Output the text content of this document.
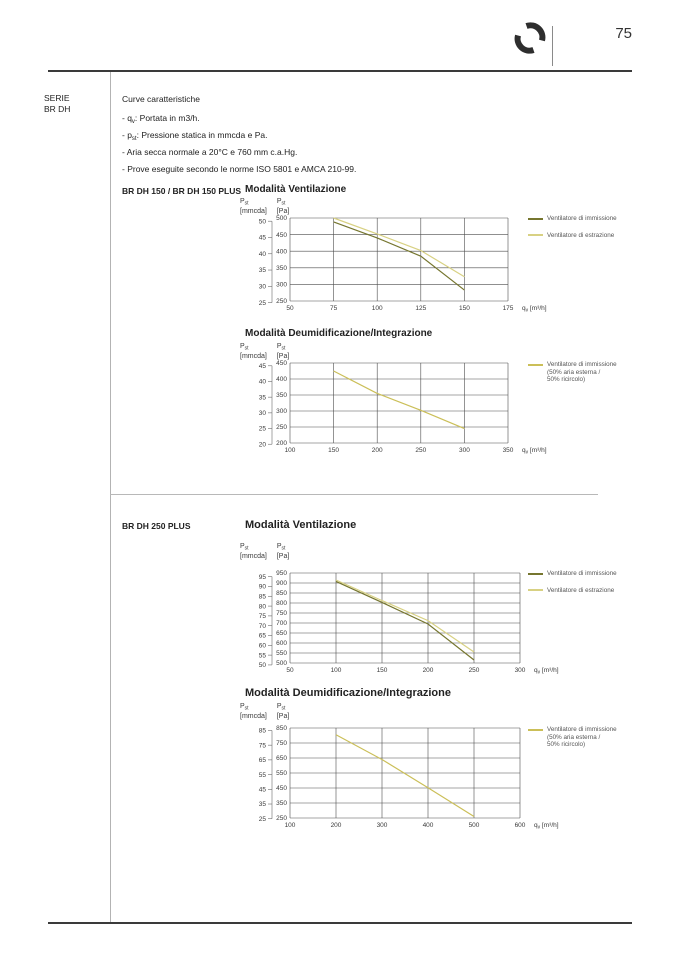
75
SERIE
BR DH
Curve caratteristiche
- $q_v$: Portata in m3/h.
- $p_{st}$: Pressione statica in mmcda e Pa.
- Aria secca normale a 20°C e 760 mm c.a.Hg.
- Prove eseguite secondo le norme ISO 5801 e AMCA 210-99.
BR DH 150 / BR DH 150 PLUS Modalità Ventilazione
$P_{st}$
[mmcda]
$P_{st}$
[Pa]
50	75	100	125	150	175 $q_v$ [m³/h]
250
300
350
400
450
500
25
30
35
40
45
50	Ventilatore di immissione
Ventilatore di estrazione
Modalità Deumidificazione/Integrazione
$P_{st}$
[mmcda]
$P_{st}$
[Pa]
100	150	200	250	300	350 $q_v$ [m³/h]
200
250
300
350
400
450
20
25
30
35
40
45	Ventilatore di immissione
(50% aria esterna /
50% ricircolo)
BR DH 250 PLUS	Modalità Ventilazione
$P_{st}$
[mmcda]
$P_{st}$
[Pa]
50	100	150	200	250	300 $q_v$ [m³/h]
500
550
600
650
700
750
800
850
900
950
50
55
60
65
70
75
80
85
90
95
Ventilatore di immissione
Ventilatore di estrazione
Modalità Deumidificazione/Integrazione
$P_{st}$
[mmcda]
$P_{st}$
[Pa]
100	200	300	400	500	600 $q_v$ [m³/h]
250
350
450
550
650
750
850
25
35
45
55
65
75
85	Ventilatore di immissione
(50% aria esterna /
50% ricircolo)
